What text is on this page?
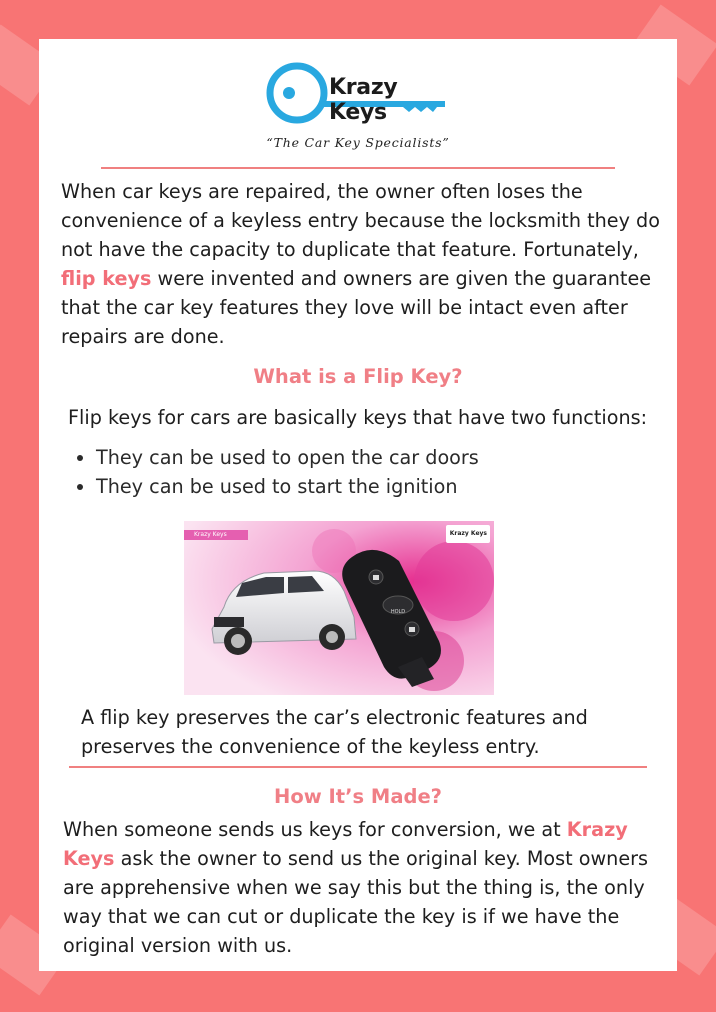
Krazy Keys
“The Car Key Specialists”

When car keys are repaired, the owner often loses the convenience of a keyless entry because the locksmith they do not have the capacity to duplicate that feature. Fortunately, flip keys were invented and owners are given the guarantee that the car key features they love will be intact even after repairs are done.

What is a Flip Key?

Flip keys for cars are basically keys that have two functions:

• They can be used to open the car doors
• They can be used to start the ignition
HOLD
Krazy Keys	Krazy Keys

A flip key preserves the car’s electronic features and preserves the convenience of the keyless entry.

How It’s Made?

When someone sends us keys for conversion, we at Krazy Keys ask the owner to send us the original key. Most owners are apprehensive when we say this but the thing is, the only way that we can cut or duplicate the key is if we have the original version with us.
